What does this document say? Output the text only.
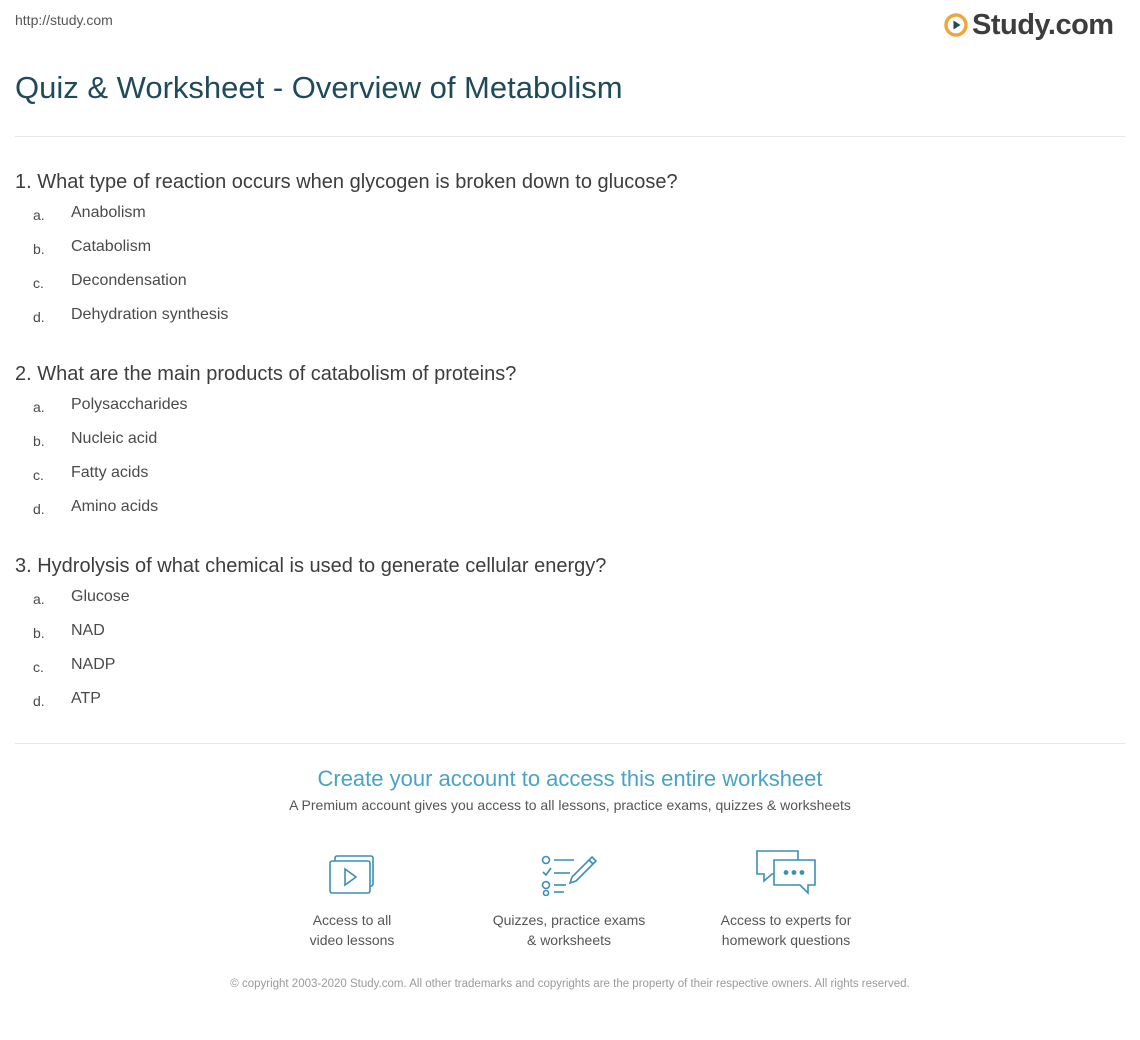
http://study.com	Study.com
Quiz & Worksheet - Overview of Metabolism
1. What type of reaction occurs when glycogen is broken down to glucose?
a.	Anabolism
b.	Catabolism
c.	Decondensation
d.	Dehydration synthesis
2. What are the main products of catabolism of proteins?
a.	Polysaccharides
b.	Nucleic acid
c.	Fatty acids
d.	Amino acids
3. Hydrolysis of what chemical is used to generate cellular energy?
a.	Glucose
b.	NAD
c.	NADP
d.	ATP
Create your account to access this entire worksheet
A Premium account gives you access to all lessons, practice exams, quizzes & worksheets
Access to all
video lessons
Quizzes, practice exams
& worksheets
Access to experts for
homework questions
© copyright 2003-2020 Study.com. All other trademarks and copyrights are the property of their respective owners. All rights reserved.
